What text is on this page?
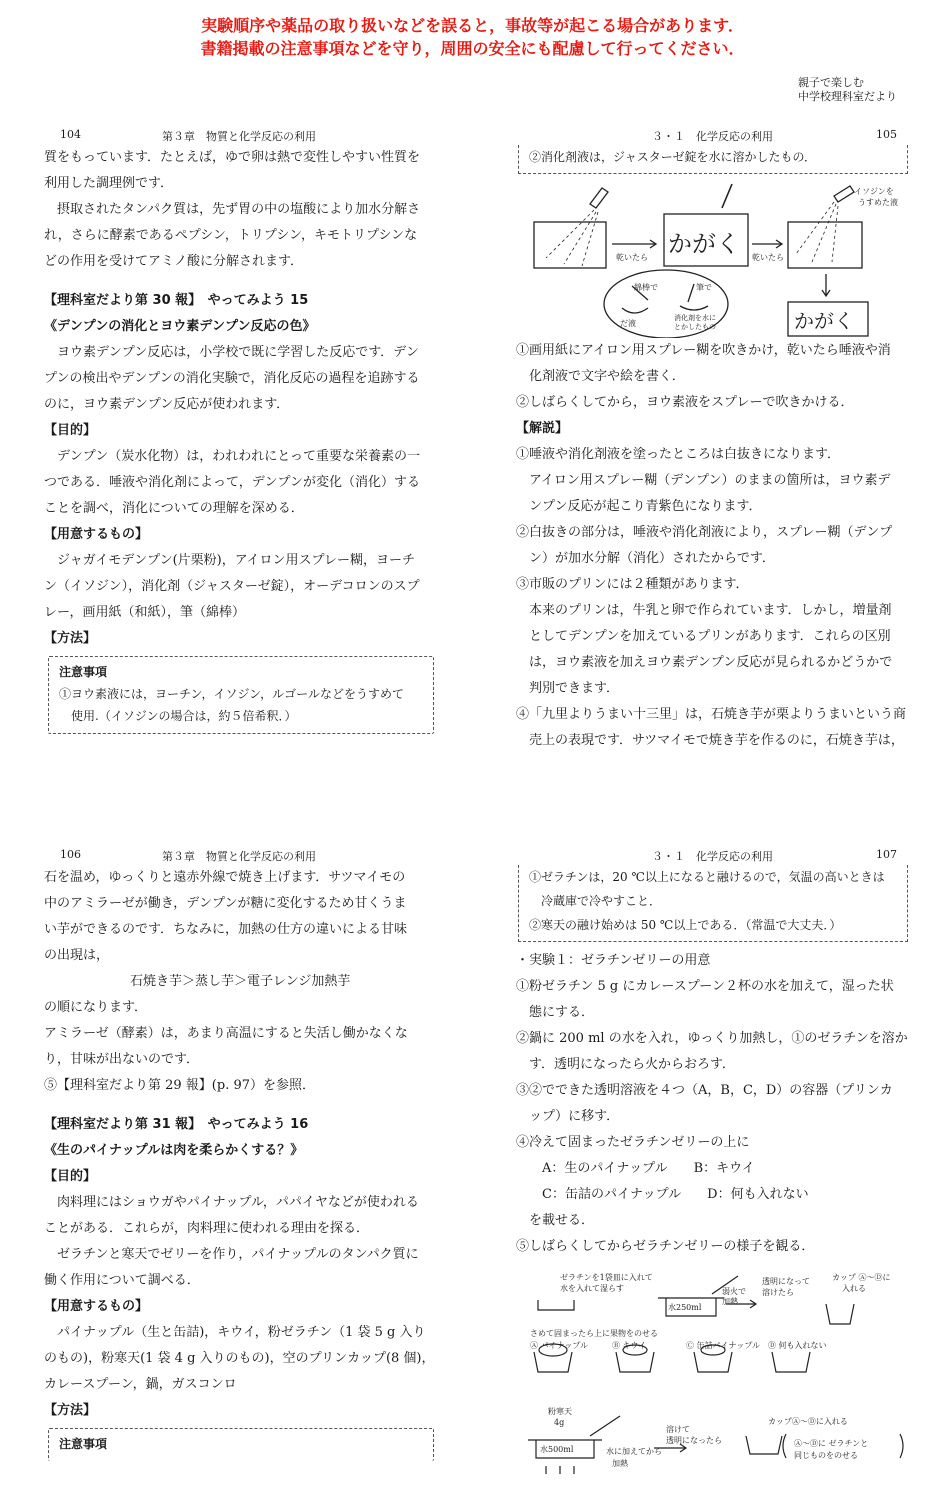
実験順序や薬品の取り扱いなどを誤ると，事故等が起こる場合があります．
書籍掲載の注意事項などを守り，周囲の安全にも配慮して行ってください．
親子で楽しむ
中学校理科室だより
104	第３章　物質と化学反応の利用
質をもっています．たとえば，ゆで卵は熱で変性しやすい性質を
利用した調理例です．
　摂取されたタンパク質は，先ず胃の中の塩酸により加水分解さ
れ，さらに酵素であるペプシン，トリプシン，キモトリプシンな
どの作用を受けてアミノ酸に分解されます．
【理科室だより第 30 報】　やってみよう 15
《デンプンの消化とヨウ素デンプン反応の色》
　ヨウ素デンプン反応は，小学校で既に学習した反応です．デン
プンの検出やデンプンの消化実験で，消化反応の過程を追跡する
のに，ヨウ素デンプン反応が使われます．
【目的】
　デンプン（炭水化物）は，われわれにとって重要な栄養素の一
つである．唾液や消化剤によって，デンプンが変化（消化）する
ことを調べ，消化についての理解を深める．
【用意するもの】
　ジャガイモデンプン(片栗粉)，アイロン用スプレー糊，ヨーチ
ン（イソジン），消化剤（ジャスターゼ錠），オーデコロンのスプ
レー，画用紙（和紙），筆（綿棒）
【方法】
注意事項
①ヨウ素液には，ヨーチン，イソジン，ルゴールなどをうすめて
　使用.（イソジンの場合は，約５倍希釈．）
３・１　化学反応の利用	105
②消化剤液は，ジャスターゼ錠を水に溶かしたもの．
かがく
かがく
乾いたら	乾いたら
イソジンを
うすめた液
綿棒で	筆で
だ液
消化剤を水に
とかしたもの
①画用紙にアイロン用スプレー糊を吹きかけ，乾いたら唾液や消
　化剤液で文字や絵を書く．
②しばらくしてから，ヨウ素液をスプレーで吹きかける．
【解説】
①唾液や消化剤液を塗ったところは白抜きになります．
　アイロン用スプレー糊（デンプン）のままの箇所は，ヨウ素デ
　ンプン反応が起こり青紫色になります．
②白抜きの部分は，唾液や消化剤液により，スプレー糊（デンプ
　ン）が加水分解（消化）されたからです．
③市販のプリンには２種類があります．
　本来のプリンは，牛乳と卵で作られています．しかし，増量剤
　としてデンプンを加えているプリンがあります．これらの区別
　は，ヨウ素液を加えヨウ素デンプン反応が見られるかどうかで
　判別できます．
④「九里よりうまい十三里」は，石焼き芋が栗よりうまいという商
　売上の表現です．サツマイモで焼き芋を作るのに，石焼き芋は，
106	第３章　物質と化学反応の利用
石を温め，ゆっくりと遠赤外線で焼き上げます．サツマイモの
中のアミラーゼが働き，デンプンが糖に変化するため甘くうま
い芋ができるのです．ちなみに，加熱の仕方の違いによる甘味
の出現は，
石焼き芋＞蒸し芋＞電子レンジ加熱芋
の順になります．
アミラーゼ（酵素）は，あまり高温にすると失活し働かなくな
り，甘味が出ないのです．
⑤【理科室だより第 29 報】(p. 97）を参照．
【理科室だより第 31 報】　やってみよう 16
《生のパイナップルは肉を柔らかくする？》
【目的】
　肉料理にはショウガやパイナップル，パパイヤなどが使われる
ことがある．これらが，肉料理に使われる理由を探る．
　ゼラチンと寒天でゼリーを作り，パイナップルのタンパク質に
働く作用について調べる．
【用意するもの】
　パイナップル（生と缶詰)，キウイ，粉ゼラチン（1 袋 5 g 入り
のもの)，粉寒天(1 袋 4 g 入りのもの)，空のプリンカップ(8 個)，
カレースプーン，鍋，ガスコンロ
【方法】
注意事項
３・１　化学反応の利用	107
①ゼラチンは，20 ℃以上になると融けるので，気温の高いときは
　冷蔵庫で冷やすこと．
②寒天の融け始めは 50 ℃以上である．（常温で大丈夫．）
・実験１：ゼラチンゼリーの用意
①粉ゼラチン 5 g にカレースプーン２杯の水を加えて，湿った状
　態にする．
②鍋に 200 ml の水を入れ，ゆっくり加熱し，①のゼラチンを溶か
　す．透明になったら火からおろす．
③②でできた透明溶液を４つ（A，B，C，D）の容器（プリンカ
　ップ）に移す．
④冷えて固まったゼラチンゼリーの上に
　　A：生のパイナップル　　B：キウイ
　　C：缶詰のパイナップル　　D：何も入れない
　を載せる．
⑤しばらくしてからゼラチンゼリーの様子を観る．
ゼラチンを1袋皿に入れて
水を入れて湿らす
水250ml
弱火で
加熱
透明になって
溶けたら
カップ Ⓐ〜Ⓓに
入れる
さめて固まったら上に果物をのせる
Ⓐ パイナップル	Ⓑ キウイ	Ⓒ 缶詰パイナップル Ⓓ 何も入れない
粉寒天
4g
水500ml	水に加えてから
加熱
溶けて
透明になったら
カップⒶ〜Ⓓに入れる
Ⓐ〜Ⓓに ゼラチンと
同じものをのせる
